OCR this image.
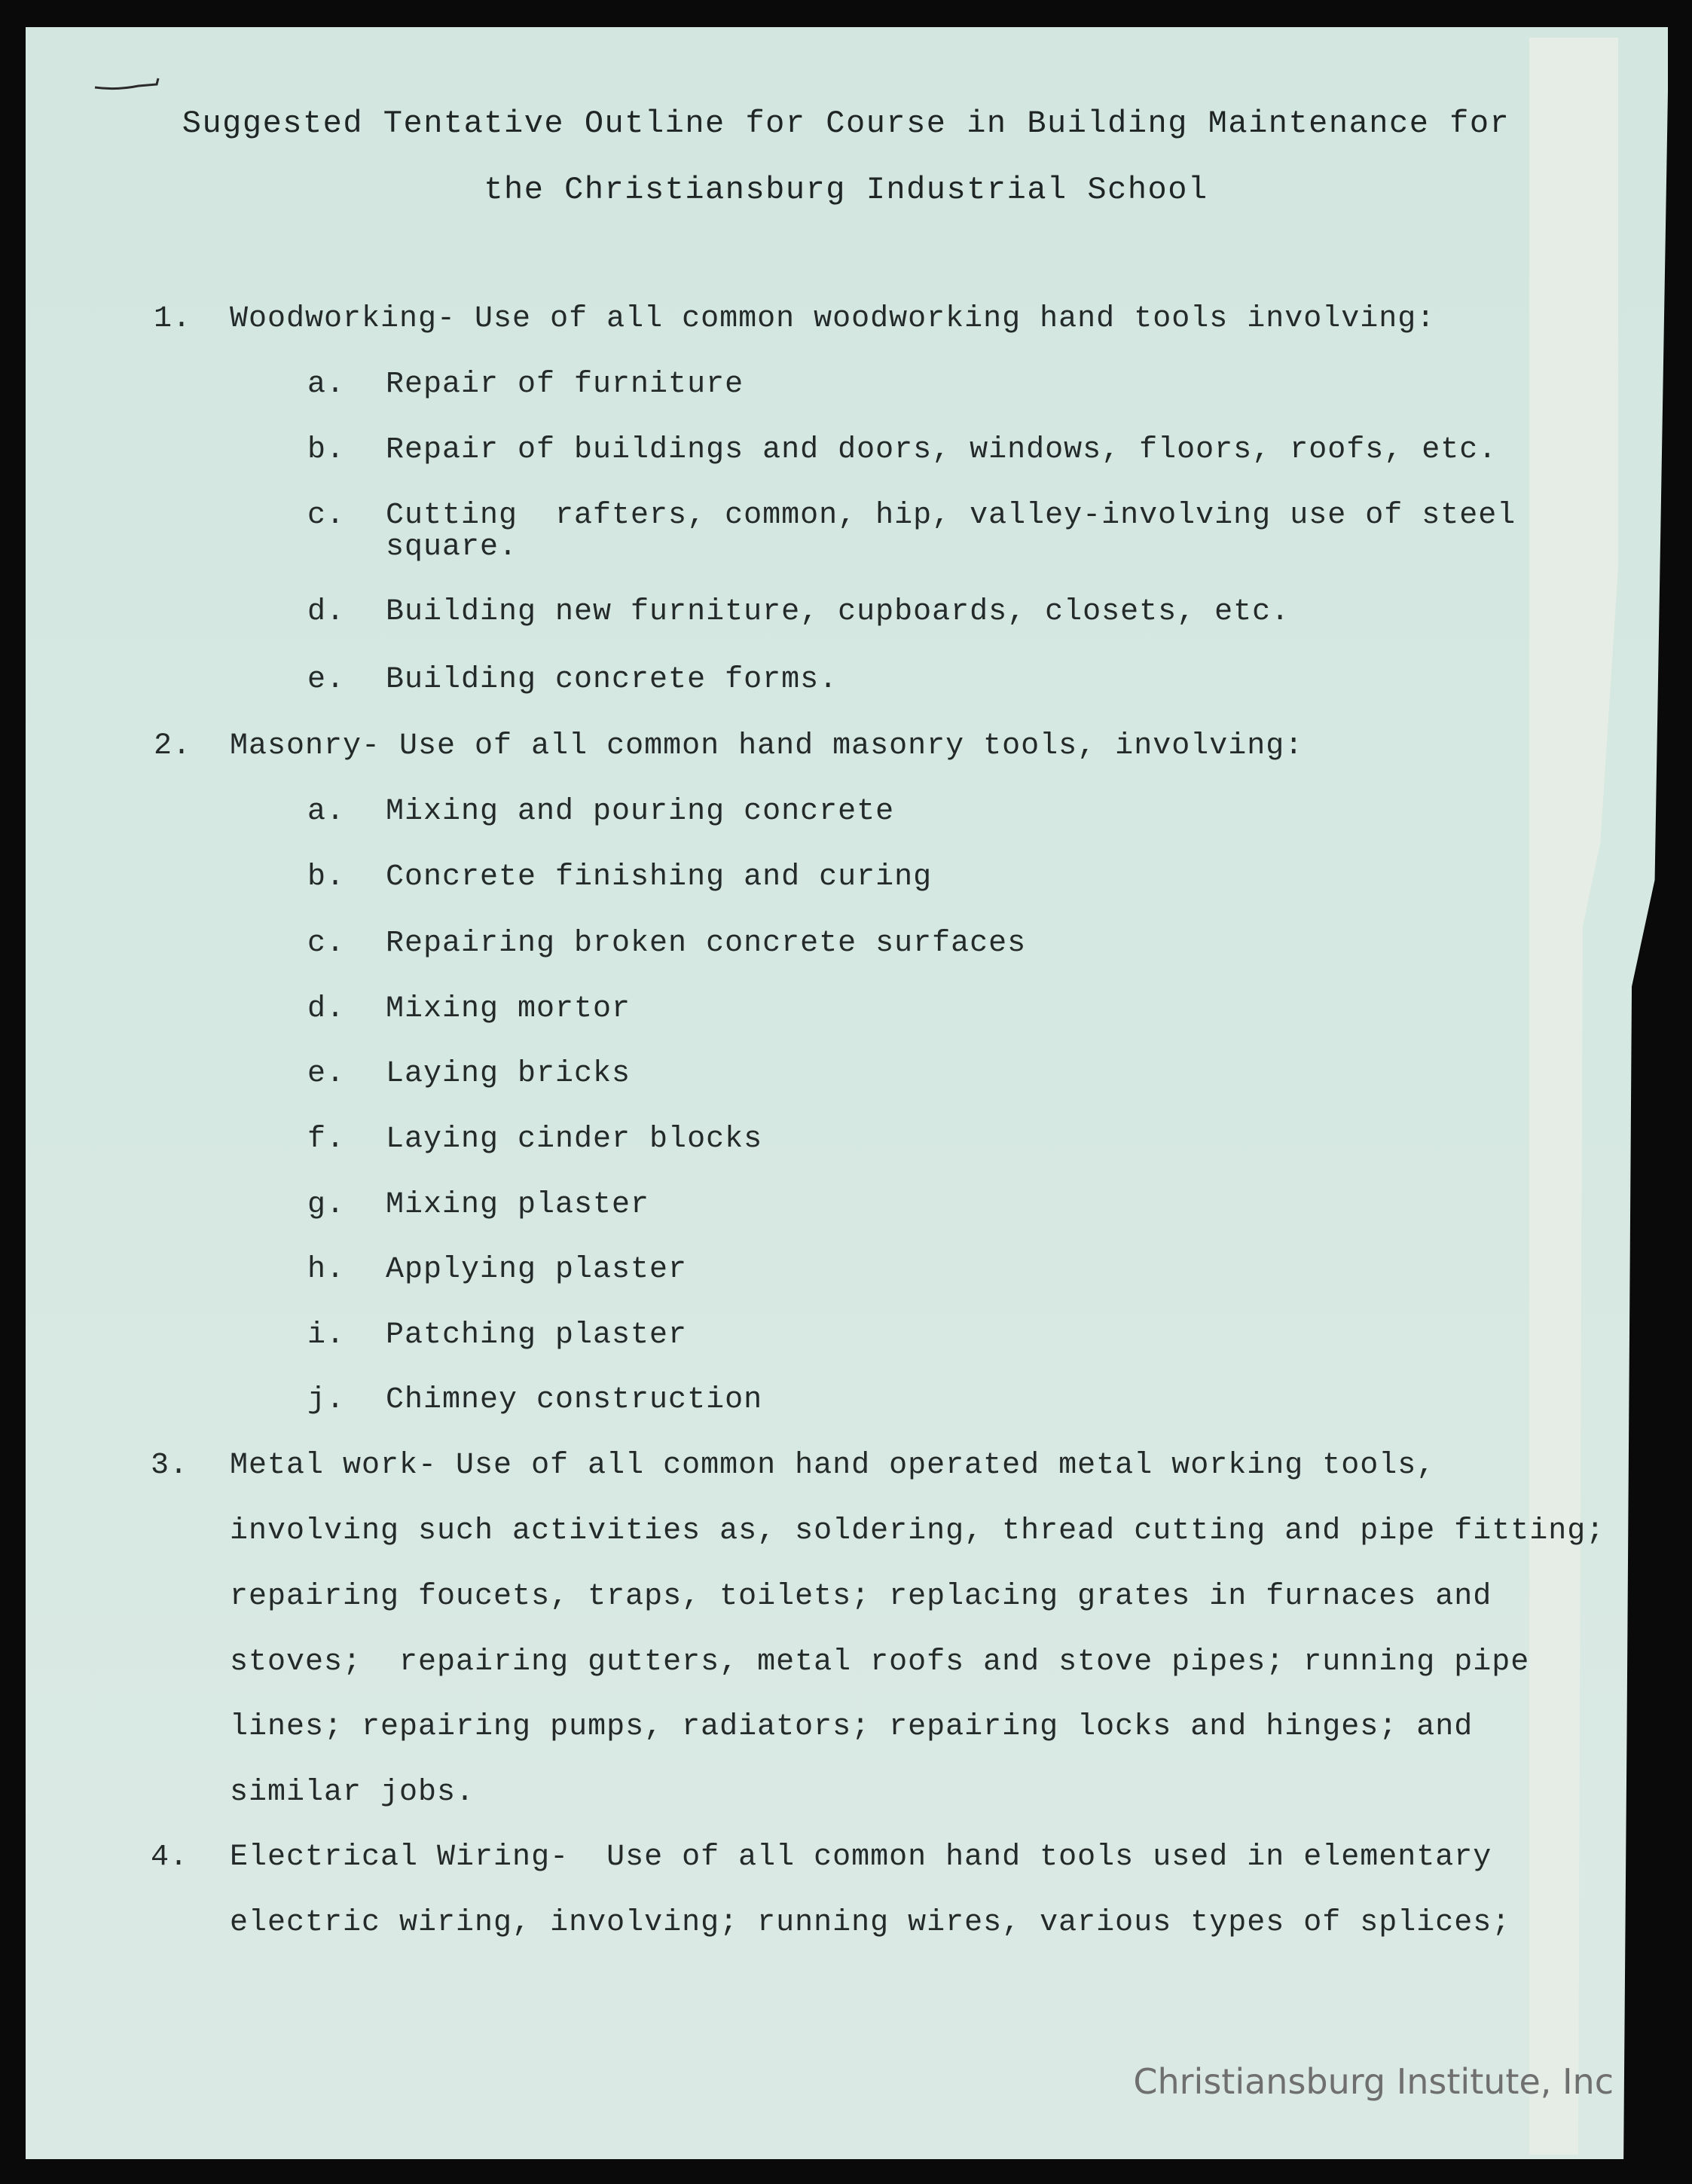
Suggested Tentative Outline for Course in Building Maintenance for
the Christiansburg Industrial School
1. Woodworking- Use of all common woodworking hand tools involving:
a. Repair of furniture
b. Repair of buildings and doors, windows, floors, roofs, etc.
c. Cutting  rafters, common, hip, valley-involving use of steel
square.
d. Building new furniture, cupboards, closets, etc.
e. Building concrete forms.
2. Masonry- Use of all common hand masonry tools, involving:
a. Mixing and pouring concrete
b. Concrete finishing and curing
c. Repairing broken concrete surfaces
d. Mixing mortor
e. Laying bricks
f. Laying cinder blocks
g. Mixing plaster
h. Applying plaster
i. Patching plaster
j. Chimney construction
3. Metal work- Use of all common hand operated metal working tools,
involving such activities as, soldering, thread cutting and pipe fitting;
repairing foucets, traps, toilets; replacing grates in furnaces and
stoves;  repairing gutters, metal roofs and stove pipes; running pipe
lines; repairing pumps, radiators; repairing locks and hinges; and
similar jobs.
4. Electrical Wiring-  Use of all common hand tools used in elementary
electric wiring, involving; running wires, various types of splices;
Christiansburg Institute, Inc
